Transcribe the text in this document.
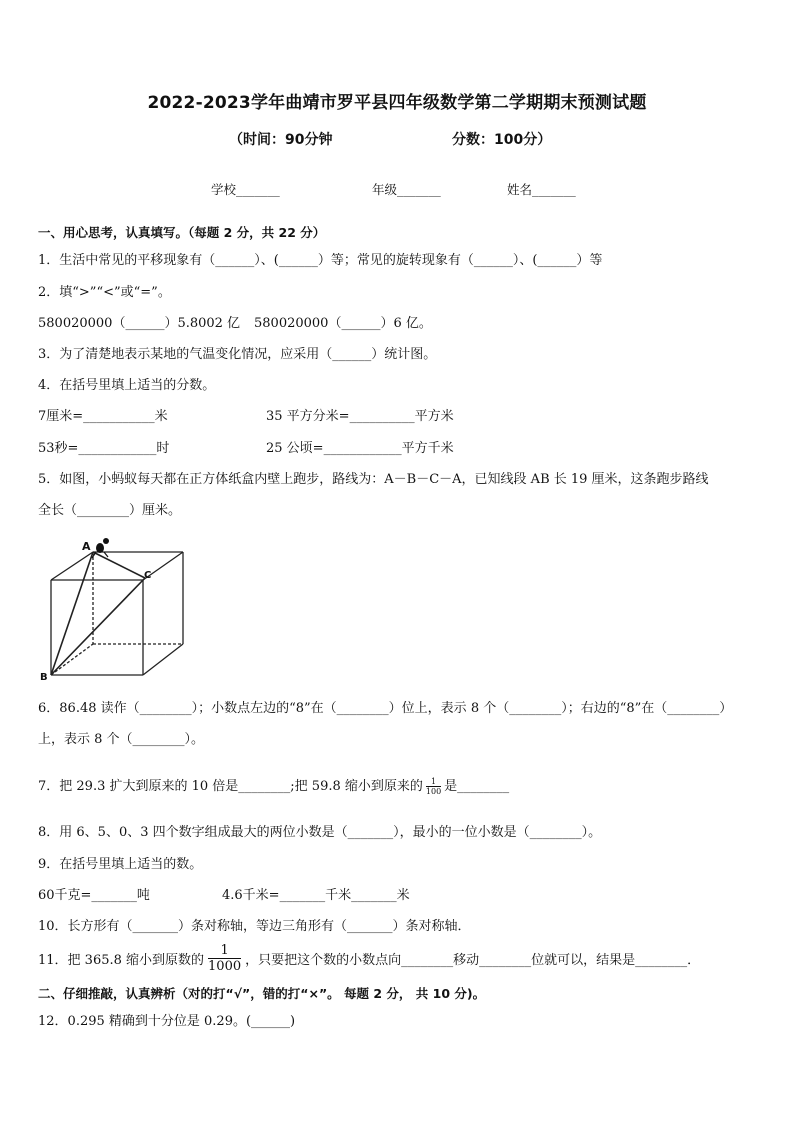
2022-2023学年曲靖市罗平县四年级数学第二学期期末预测试题
（时间：90分钟	分数：100分）
学校_______	年级_______	姓名_______
一、用心思考，认真填写。（每题 2 分，共 22 分）
1．生活中常见的平移现象有（______）、(______）等；常见的旋转现象有（______）、(______）等
2．填“>”“<”或“=”。
580020000（______）5.8002 亿 580020000（______）6 亿。
3．为了清楚地表示某地的气温变化情况，应采用（______）统计图。
4．在括号里填上适当的分数。
7厘米=___________米	35 平方分米=__________平方米
53秒=____________时	25 公顷=____________平方千米
5．如图，小蚂蚁每天都在正方体纸盒内壁上跑步，路线为：A－B－C－A，已知线段 AB 长 19 厘米，这条跑步路线
全长（________）厘米。
A
B
C
6．86.48 读作（________）；小数点左边的“8”在（________）位上，表示 8 个（________）；右边的“8”在（________）
上，表示 8 个（________）。
7．把 29.3 扩大到原来的 10 倍是________;把 59.8 缩小到原来的 $\frac{1}{100}$ 是________
8．用 6、5、0、3 四个数字组成最大的两位小数是（_______），最小的一位小数是（________）。
9．在括号里填上适当的数。
60千克=_______吨	4.6千米=_______千米_______米
10．长方形有（_______）条对称轴，等边三角形有（_______）条对称轴．
11．把 365.8 缩小到原数的 $\frac{1}{1000}$ ，只要把这个数的小数点向________移动________位就可以，结果是________．
二、仔细推敲，认真辨析（对的打“√”，错的打“×”。 每题 2 分， 共 10 分)。
12．0.295 精确到十分位是 0.29。(______)
